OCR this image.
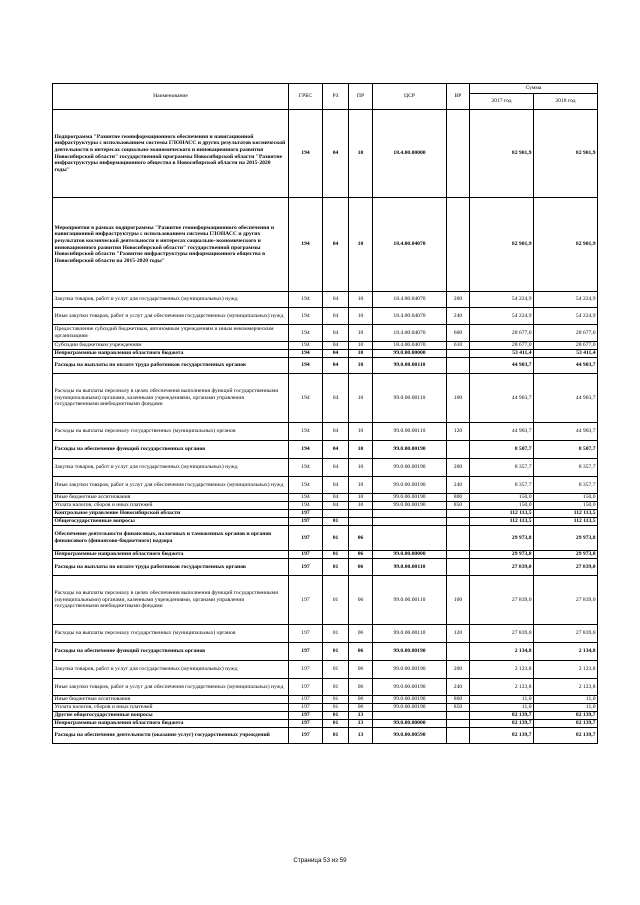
Наименование	ГРБС	РЗ	ПР	ЦСР	ВР	Сумма	
						2017 год	2018 год
Подпрограмма "Развитие геоинформационного обеспечения и навигационной инфраструктуры с использованием системы ГЛОНАСС и других результатов космической деятельности в интересах социально-экономического и инновационного развития Новосибирской области" государственной программы Новосибирской области "Развитие инфраструктуры информационного общества в Новосибирской области на 2015-2020 годы"	194	04	10	18.4.00.00000		82 901,9	82 901,9
Мероприятия в рамках подпрограммы "Развитие геоинформационного обеспечения и навигационной инфраструктуры с использованием системы ГЛОНАСС и других результатов космической деятельности в интересах социально-экономического и инновационного развития Новосибирской области" государственной программы Новосибирской области "Развитие инфраструктуры информационного общества в Новосибирской области на 2015-2020 годы"	194	04	10	18.4.00.04070		82 901,9	82 901,9
Закупка товаров, работ и услуг для государственных (муниципальных) нужд	194	04	10	18.4.00.04070	200	54 224,9	54 224,9
Иные закупки товаров, работ и услуг для обеспечения государственных (муниципальных) нужд	194	04	10	18.4.00.04070	240	54 224,9	54 224,9
Предоставление субсидий бюджетным, автономным учреждениям и иным некоммерческим организациям	194	04	10	18.4.00.04070	600	28 677,0	28 677,0
Субсидии бюджетным учреждениям	194	04	10	18.4.00.04070	610	28 677,0	28 677,0
Непрограммные направления областного бюджета	194	04	10	99.0.00.00000		53 411,4	53 411,4
Расходы на выплаты по оплате труда работников государственных органов	194	04	10	99.0.00.00110		44 903,7	44 903,7
Расходы на выплаты персоналу в целях обеспечения выполнения функций государственными (муниципальными) органами, казенными учреждениями, органами управления государственными внебюджетными фондами	194	04	10	99.0.00.00110	100	44 903,7	44 903,7
Расходы на выплаты персоналу государственных (муниципальных) органов	194	04	10	99.0.00.00110	120	44 903,7	44 903,7
Расходы на обеспечение функций государственных органов	194	04	10	99.0.00.00190		8 507,7	8 507,7
Закупка товаров, работ и услуг для государственных (муниципальных) нужд	194	04	10	99.0.00.00190	200	8 357,7	8 357,7
Иные закупки товаров, работ и услуг для обеспечения государственных (муниципальных) нужд	194	04	10	99.0.00.00190	240	8 357,7	8 357,7
Иные бюджетные ассигнования	194	04	10	99.0.00.00190	800	150,0	150,0
Уплата налогов, сборов и иных платежей	194	04	10	99.0.00.00190	850	150,0	150,0
Контрольное управление Новосибирской области	197					112 113,5	112 113,5
Общегосударственные вопросы	197	01				112 113,5	112 113,5
Обеспечение деятельности финансовых, налоговых и таможенных органов и органов финансового (финансово-бюджетного) надзора	197	01	06			29 973,8	29 973,8
Непрограммные направления областного бюджета	197	01	06	99.0.00.00000		29 973,8	29 973,8
Расходы на выплаты по оплате труда работников государственных органов	197	01	06	99.0.00.00110		27 839,0	27 839,0
Расходы на выплаты персоналу в целях обеспечения выполнения функций государственными (муниципальными) органами, казенными учреждениями, органами управления государственными внебюджетными фондами	197	01	06	99.0.00.00110	100	27 839,0	27 839,0
Расходы на выплаты персоналу государственных (муниципальных) органов	197	01	06	99.0.00.00110	120	27 839,0	27 839,0
Расходы на обеспечение функций государственных органов	197	01	06	99.0.00.00190		2 134,8	2 134,8
Закупка товаров, работ и услуг для государственных (муниципальных) нужд	197	01	06	99.0.00.00190	200	2 123,8	2 123,8
Иные закупки товаров, работ и услуг для обеспечения государственных (муниципальных) нужд	197	01	06	99.0.00.00190	240	2 123,8	2 123,8
Иные бюджетные ассигнования	197	01	06	99.0.00.00190	800	11,0	11,0
Уплата налогов, сборов и иных платежей	197	01	06	99.0.00.00190	850	11,0	11,0
Другие общегосударственные вопросы	197	01	13			82 139,7	82 139,7
Непрограммные направления областного бюджета	197	01	13	99.0.00.00000		82 139,7	82 139,7
Расходы на обеспечение деятельности (оказание услуг) государственных учреждений	197	01	13	99.0.00.00590		82 139,7	82 139,7
Страница 53 из 59
